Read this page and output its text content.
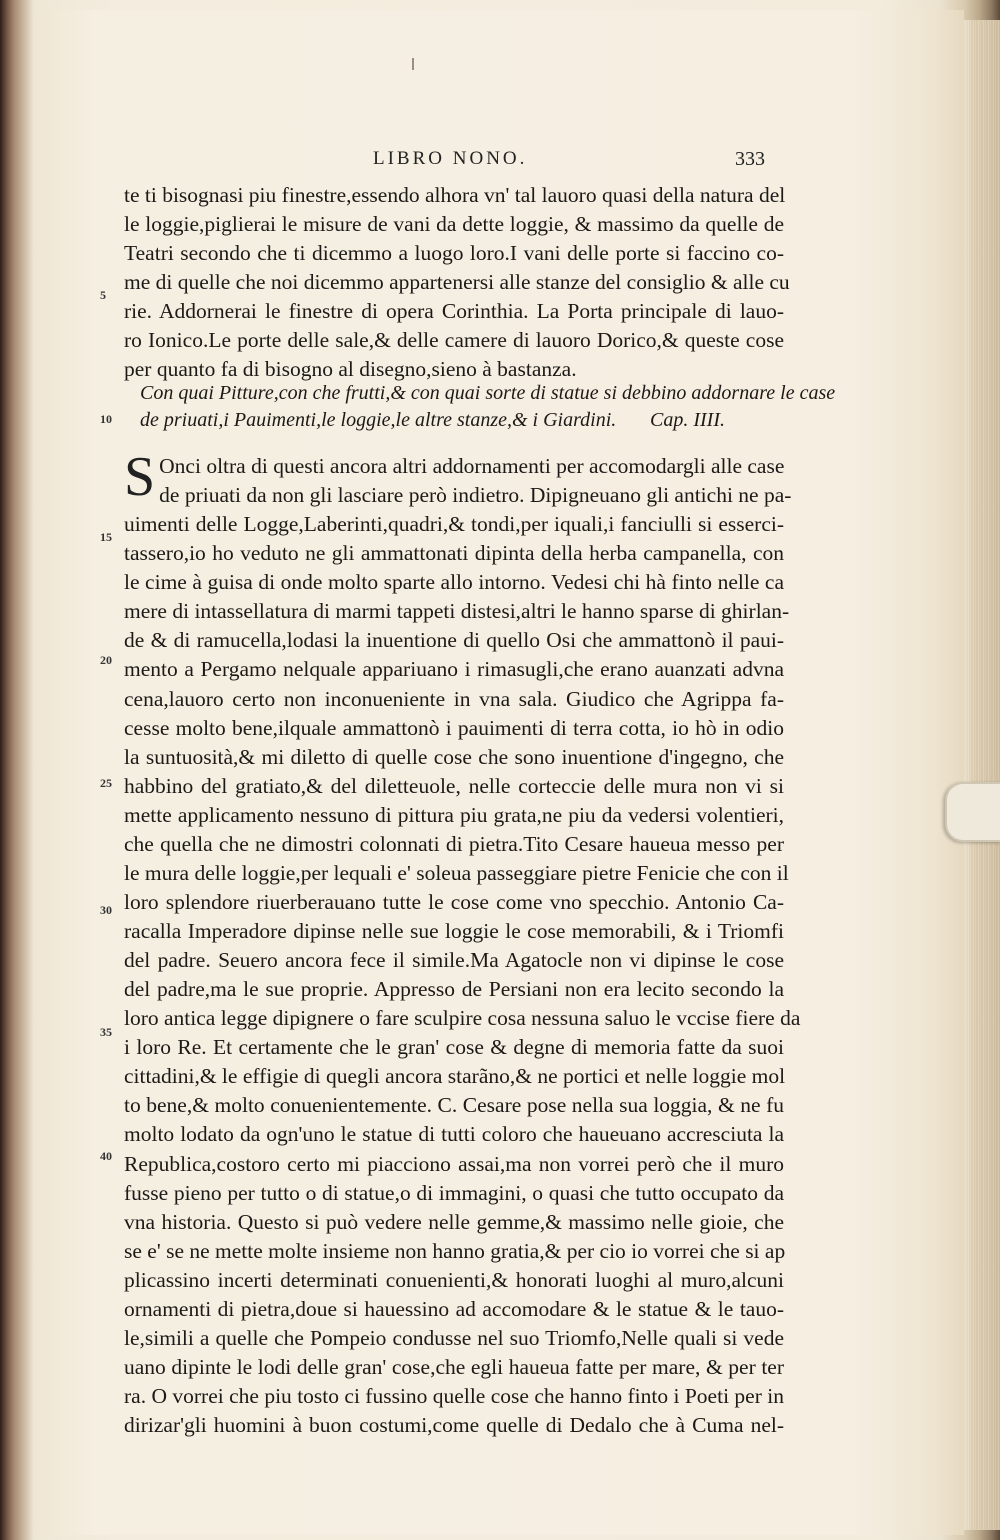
LIBRO NONO.	333
te ti bisognasi piu finestre,essendo alhora vn' tal lauoro quasi della natura del
le loggie,piglierai le misure de vani da dette loggie, & massimo da quelle de
Teatri secondo che ti dicemmo a luogo loro.I vani delle porte si faccino co-
me di quelle che noi dicemmo appartenersi alle stanze del consiglio & alle cu
rie. Addornerai le finestre di opera Corinthia. La Porta principale di lauo-
ro Ionico.Le porte delle sale,& delle camere di lauoro Dorico,& queste cose
per quanto fa di bisogno al disegno,sieno à bastanza.
Con quai Pitture,con che frutti,& con quai sorte di statue si debbino addornare le case
de priuati,i Pauimenti,le loggie,le altre stanze,& i Giardini. Cap. IIII.
S Onci oltra di questi ancora altri addornamenti per accomodargli alle case
de priuati da non gli lasciare però indietro. Dipigneuano gli antichi ne pa-
uimenti delle Logge,Laberinti,quadri,& tondi,per iquali,i fanciulli si esserci-
tassero,io ho veduto ne gli ammattonati dipinta della herba campanella, con
le cime à guisa di onde molto sparte allo intorno. Vedesi chi hà finto nelle ca
mere di intassellatura di marmi tappeti distesi,altri le hanno sparse di ghirlan-
de & di ramucella,lodasi la inuentione di quello Osi che ammattonò il paui-
mento a Pergamo nelquale appariuano i rimasugli,che erano auanzati advna
cena,lauoro certo non inconueniente in vna sala. Giudico che Agrippa fa-
cesse molto bene,ilquale ammattonò i pauimenti di terra cotta, io hò in odio
la suntuosità,& mi diletto di quelle cose che sono inuentione d'ingegno, che
habbino del gratiato,& del diletteuole, nelle corteccie delle mura non vi si
mette applicamento nessuno di pittura piu grata,ne piu da vedersi volentieri,
che quella che ne dimostri colonnati di pietra.Tito Cesare haueua messo per
le mura delle loggie,per lequali e' soleua passeggiare pietre Fenicie che con il
loro splendore riuerberauano tutte le cose come vno specchio. Antonio Ca-
racalla Imperadore dipinse nelle sue loggie le cose memorabili, & i Triomfi
del padre. Seuero ancora fece il simile.Ma Agatocle non vi dipinse le cose
del padre,ma le sue proprie. Appresso de Persiani non era lecito secondo la
loro antica legge dipignere o fare sculpire cosa nessuna saluo le vccise fiere da
i loro Re. Et certamente che le gran' cose & degne di memoria fatte da suoi
cittadini,& le effigie di quegli ancora starãno,& ne portici et nelle loggie mol
to bene,& molto conuenientemente. C. Cesare pose nella sua loggia, & ne fu
molto lodato da ogn'uno le statue di tutti coloro che haueuano accresciuta la
Republica,costoro certo mi piacciono assai,ma non vorrei però che il muro
fusse pieno per tutto o di statue,o di immagini, o quasi che tutto occupato da
vna historia. Questo si può vedere nelle gemme,& massimo nelle gioie, che
se e' se ne mette molte insieme non hanno gratia,& per cio io vorrei che si ap
plicassino incerti determinati conuenienti,& honorati luoghi al muro,alcuni
ornamenti di pietra,doue si hauessino ad accomodare & le statue & le tauo-
le,simili a quelle che Pompeio condusse nel suo Triomfo,Nelle quali si vede
uano dipinte le lodi delle gran' cose,che egli haueua fatte per mare, & per ter
ra. O vorrei che piu tosto ci fussino quelle cose che hanno finto i Poeti per in
dirizar'gli huomini à buon costumi,come quelle di Dedalo che à Cuma nel-
5
10
15
20
25
30
35
40
